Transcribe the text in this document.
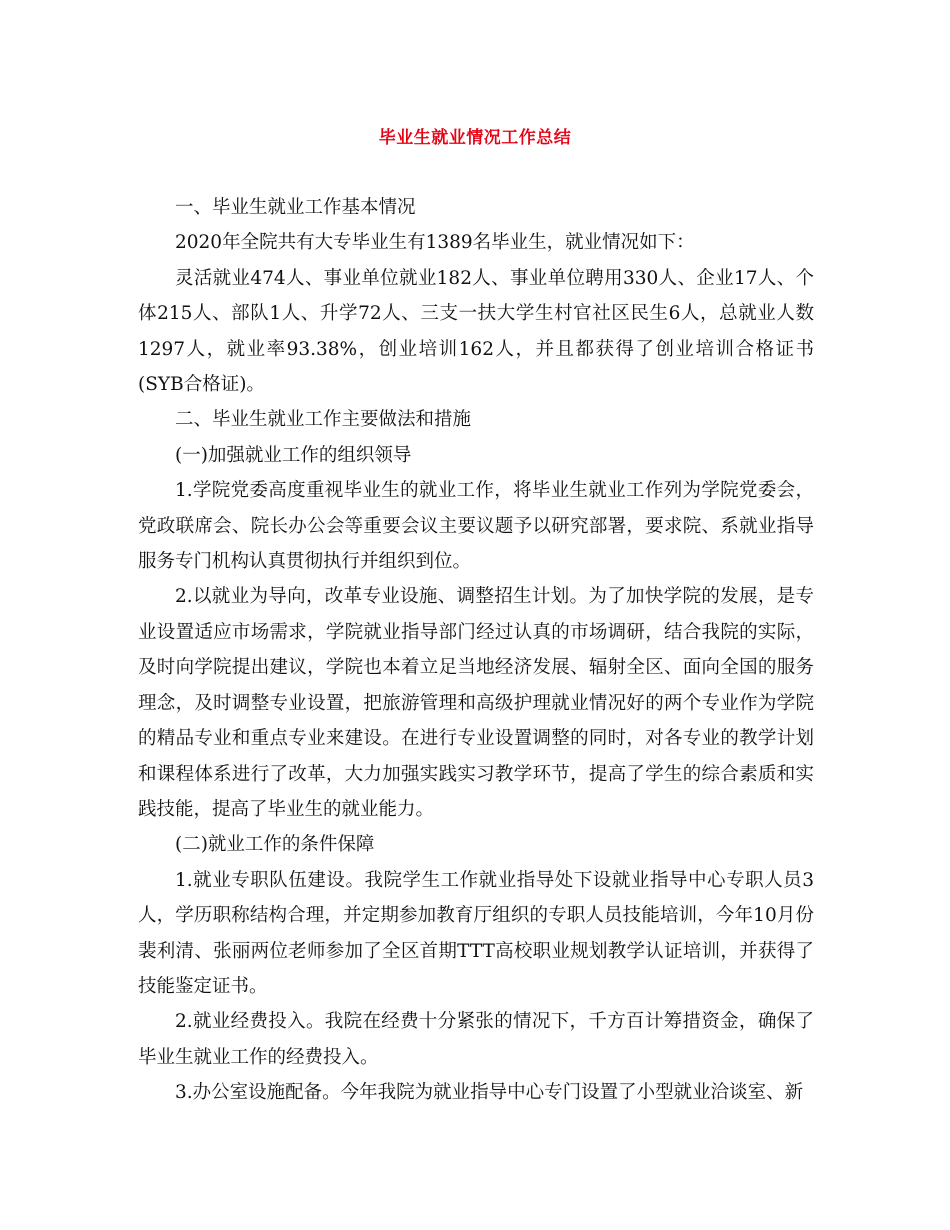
毕业生就业情况工作总结

一、毕业生就业工作基本情况

2020年全院共有大专毕业生有1389名毕业生，就业情况如下：

灵活就业474人、事业单位就业182人、事业单位聘用330人、企业17人、个体215人、部队1人、升学72人、三支一扶大学生村官社区民生6人，总就业人数1297人，就业率93.38%，创业培训162人，并且都获得了创业培训合格证书(SYB合格证)。

二、毕业生就业工作主要做法和措施

(一)加强就业工作的组织领导

1.学院党委高度重视毕业生的就业工作，将毕业生就业工作列为学院党委会，党政联席会、院长办公会等重要会议主要议题予以研究部署，要求院、系就业指导服务专门机构认真贯彻执行并组织到位。

2.以就业为导向，改革专业设施、调整招生计划。为了加快学院的发展，是专业设置适应市场需求，学院就业指导部门经过认真的市场调研，结合我院的实际，及时向学院提出建议，学院也本着立足当地经济发展、辐射全区、面向全国的服务理念，及时调整专业设置，把旅游管理和高级护理就业情况好的两个专业作为学院的精品专业和重点专业来建设。在进行专业设置调整的同时，对各专业的教学计划和课程体系进行了改革，大力加强实践实习教学环节，提高了学生的综合素质和实践技能，提高了毕业生的就业能力。

(二)就业工作的条件保障

1.就业专职队伍建设。我院学生工作就业指导处下设就业指导中心专职人员3人，学历职称结构合理，并定期参加教育厅组织的专职人员技能培训，今年10月份裴利清、张丽两位老师参加了全区首期TTT高校职业规划教学认证培训，并获得了技能鉴定证书。

2.就业经费投入。我院在经费十分紧张的情况下，千方百计筹措资金，确保了毕业生就业工作的经费投入。

3.办公室设施配备。今年我院为就业指导中心专门设置了小型就业洽谈室、新
